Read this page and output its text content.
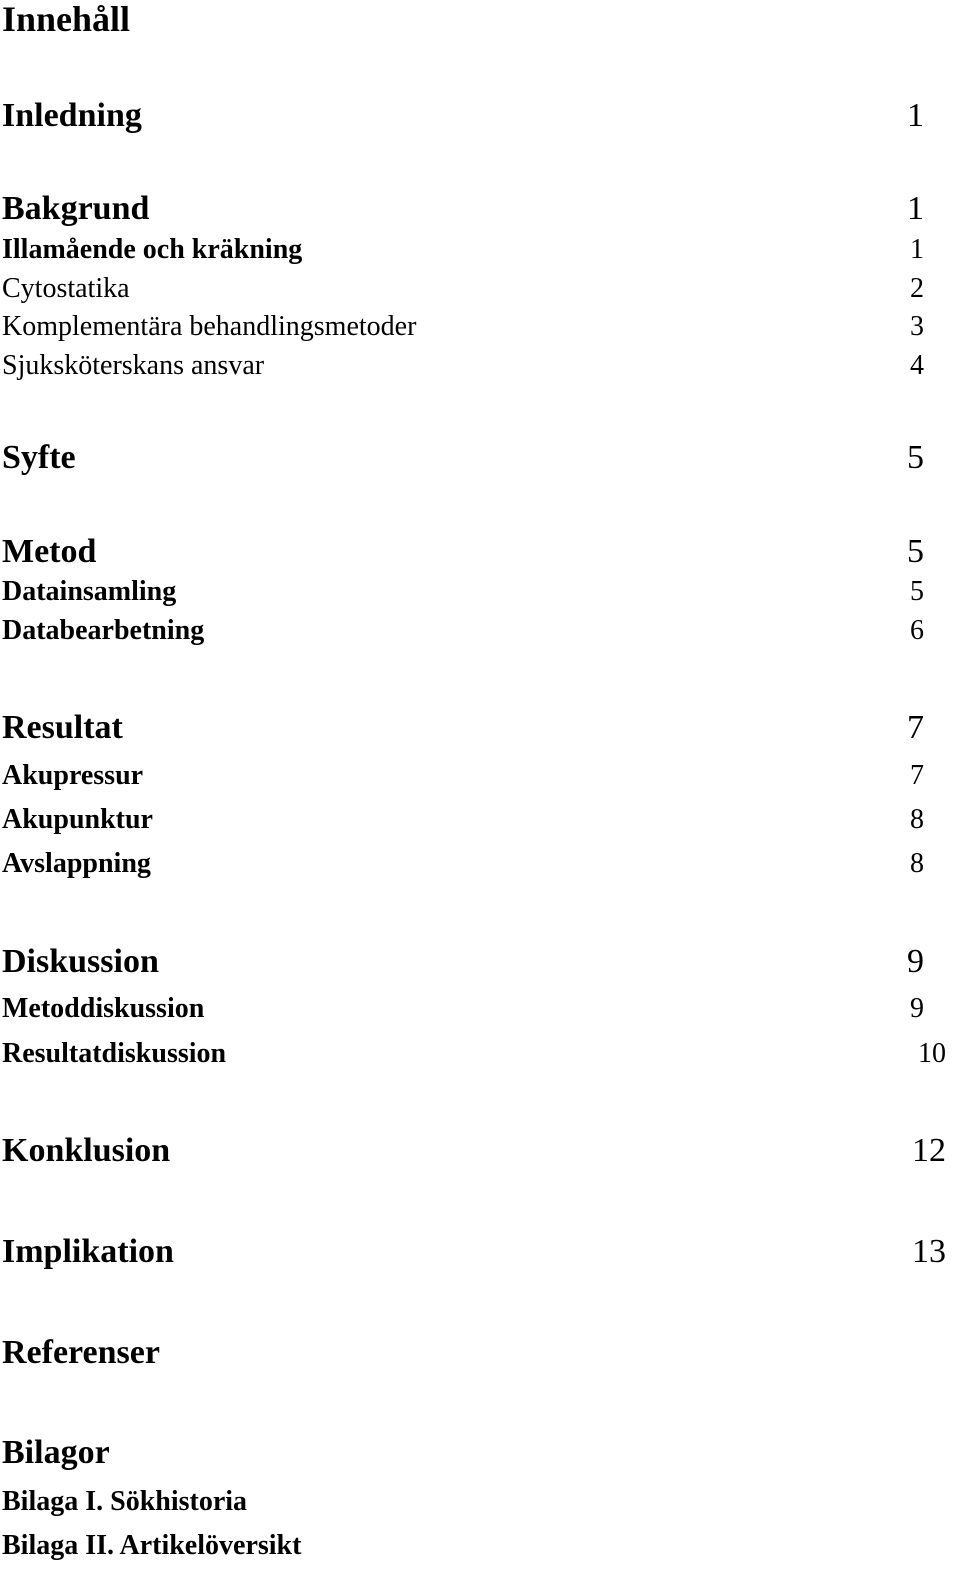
Innehåll
Inledning	1
Bakgrund	1
Illamående och kräkning	1
Cytostatika	2
Komplementära behandlingsmetoder	3
Sjuksköterskans ansvar	4
Syfte	5
Metod	5
Datainsamling	5
Databearbetning	6
Resultat	7
Akupressur	7
Akupunktur	8
Avslappning	8
Diskussion	9
Metoddiskussion	9
Resultatdiskussion	10
Konklusion	12
Implikation	13
Referenser
Bilagor
Bilaga I. Sökhistoria
Bilaga II. Artikelöversikt
